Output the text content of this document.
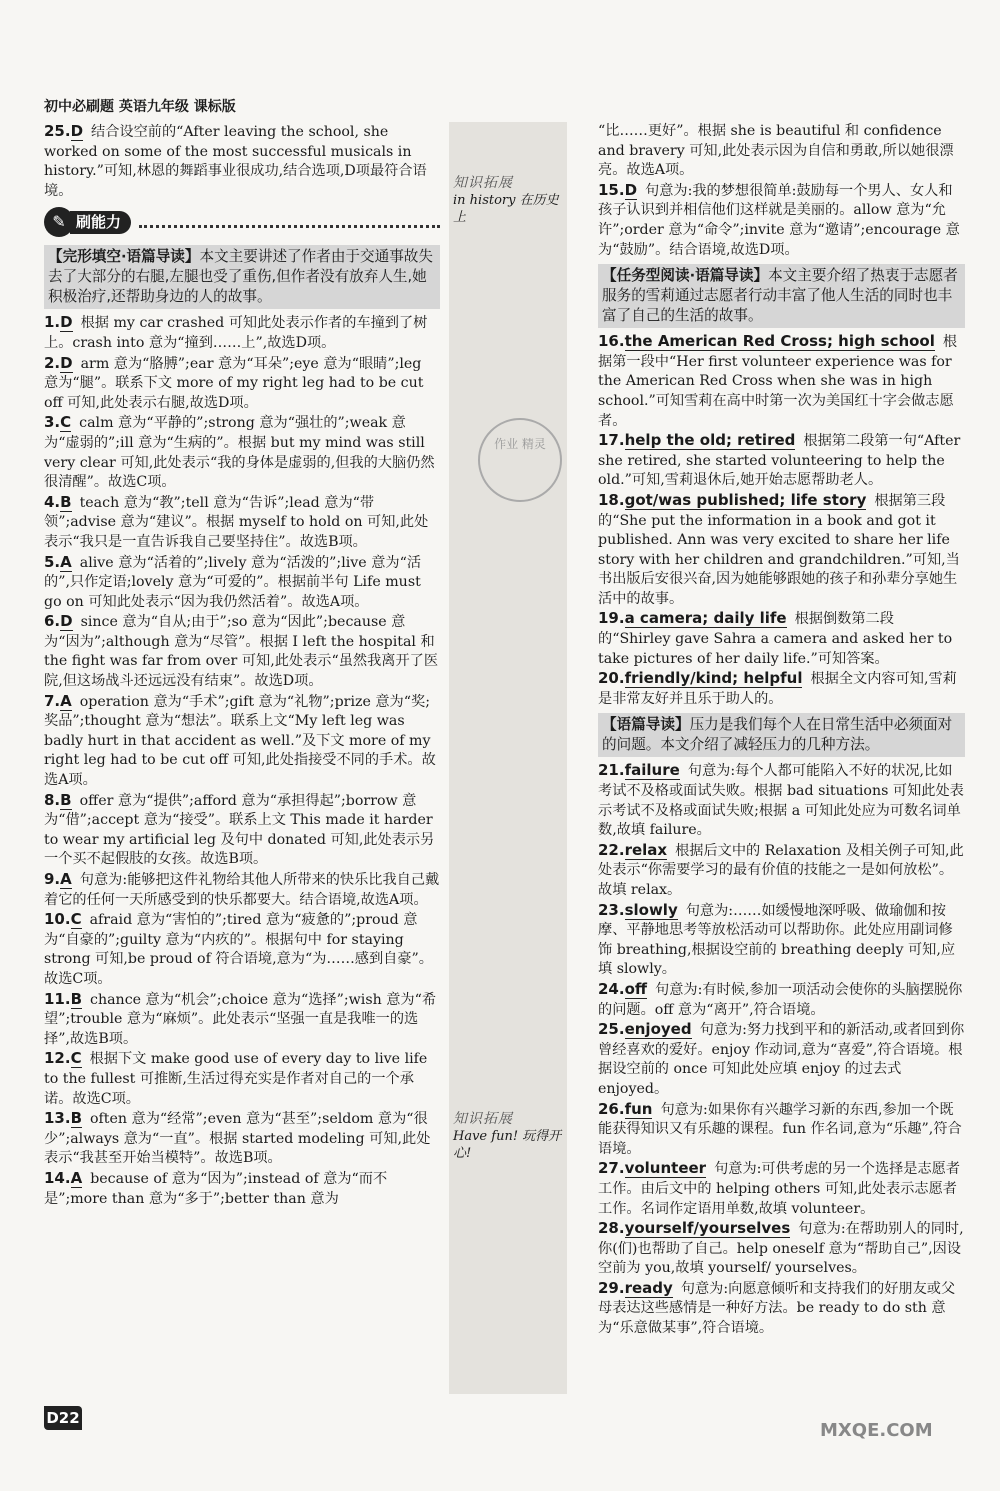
初中必刷题 英语九年级 课标版
知识拓展
in history 在历史上
作业 精灵
知识拓展
Have fun! 玩得开心!
25.D 结合设空前的“After leaving the school, she worked on some of the most successful musicals in history.”可知,林恩的舞蹈事业很成功,结合选项,D项最符合语境。
✎ 刷能力
【完形填空·语篇导读】本文主要讲述了作者由于交通事故失去了大部分的右腿,左腿也受了重伤,但作者没有放弃人生,她积极治疗,还帮助身边的人的故事。
1.D 根据 my car crashed 可知此处表示作者的车撞到了树上。crash into 意为“撞到……上”,故选D项。
2.D arm 意为“胳膊”;ear 意为“耳朵”;eye 意为“眼睛”;leg 意为“腿”。联系下文 more of my right leg had to be cut off 可知,此处表示右腿,故选D项。
3.C calm 意为“平静的”;strong 意为“强壮的”;weak 意为“虚弱的”;ill 意为“生病的”。根据 but my mind was still very clear 可知,此处表示“我的身体是虚弱的,但我的大脑仍然很清醒”。故选C项。
4.B teach 意为“教”;tell 意为“告诉”;lead 意为“带领”;advise 意为“建议”。根据 myself to hold on 可知,此处表示“我只是一直告诉我自己要坚持住”。故选B项。
5.A alive 意为“活着的”;lively 意为“活泼的”;live 意为“活的”,只作定语;lovely 意为“可爱的”。根据前半句 Life must go on 可知此处表示“因为我仍然活着”。故选A项。
6.D since 意为“自从;由于”;so 意为“因此”;because 意为“因为”;although 意为“尽管”。根据 I left the hospital 和 the fight was far from over 可知,此处表示“虽然我离开了医院,但这场战斗还远远没有结束”。故选D项。
7.A operation 意为“手术”;gift 意为“礼物”;prize 意为“奖;奖品”;thought 意为“想法”。联系上文“My left leg was badly hurt in that accident as well.”及下文 more of my right leg had to be cut off 可知,此处指接受不同的手术。故选A项。
8.B offer 意为“提供”;afford 意为“承担得起”;borrow 意为“借”;accept 意为“接受”。联系上文 This made it harder to wear my artificial leg 及句中 donated 可知,此处表示另一个买不起假肢的女孩。故选B项。
9.A 句意为:能够把这件礼物给其他人所带来的快乐比我自己戴着它的任何一天所感受到的快乐都要大。结合语境,故选A项。
10.C afraid 意为“害怕的”;tired 意为“疲惫的”;proud 意为“自豪的”;guilty 意为“内疚的”。根据句中 for staying strong 可知,be proud of 符合语境,意为“为……感到自豪”。故选C项。
11.B chance 意为“机会”;choice 意为“选择”;wish 意为“希望”;trouble 意为“麻烦”。此处表示“坚强一直是我唯一的选择”,故选B项。
12.C 根据下文 make good use of every day to live life to the fullest 可推断,生活过得充实是作者对自己的一个承诺。故选C项。
13.B often 意为“经常”;even 意为“甚至”;seldom 意为“很少”;always 意为“一直”。根据 started modeling 可知,此处表示“我甚至开始当模特”。故选B项。
14.A because of 意为“因为”;instead of 意为“而不是”;more than 意为“多于”;better than 意为
“比……更好”。根据 she is beautiful 和 confidence and bravery 可知,此处表示因为自信和勇敢,所以她很漂亮。故选A项。
15.D 句意为:我的梦想很简单:鼓励每一个男人、女人和孩子认识到并相信他们这样就是美丽的。allow 意为“允许”;order 意为“命令”;invite 意为“邀请”;encourage 意为“鼓励”。结合语境,故选D项。
【任务型阅读·语篇导读】本文主要介绍了热衷于志愿者服务的雪莉通过志愿者行动丰富了他人生活的同时也丰富了自己的生活的故事。
16.the American Red Cross; high school 根据第一段中“Her first volunteer experience was for the American Red Cross when she was in high school.”可知雪莉在高中时第一次为美国红十字会做志愿者。
17.help the old; retired 根据第二段第一句“After she retired, she started volunteering to help the old.”可知,雪莉退休后,她开始志愿帮助老人。
18.got/was published; life story 根据第三段的“She put the information in a book and got it published. Ann was very excited to share her life story with her children and grandchildren.”可知,当书出版后安很兴奋,因为她能够跟她的孩子和孙辈分享她生活中的故事。
19.a camera; daily life 根据倒数第二段的“Shirley gave Sahra a camera and asked her to take pictures of her daily life.”可知答案。
20.friendly/kind; helpful 根据全文内容可知,雪莉是非常友好并且乐于助人的。
【语篇导读】压力是我们每个人在日常生活中必须面对的问题。本文介绍了减轻压力的几种方法。
21.failure 句意为:每个人都可能陷入不好的状况,比如考试不及格或面试失败。根据 bad situations 可知此处表示考试不及格或面试失败;根据 a 可知此处应为可数名词单数,故填 failure。
22.relax 根据后文中的 Relaxation 及相关例子可知,此处表示“你需要学习的最有价值的技能之一是如何放松”。故填 relax。
23.slowly 句意为:……如缓慢地深呼吸、做瑜伽和按摩、平静地思考等放松活动可以帮助你。此处应用副词修饰 breathing,根据设空前的 breathing deeply 可知,应填 slowly。
24.off 句意为:有时候,参加一项活动会使你的头脑摆脱你的问题。off 意为“离开”,符合语境。
25.enjoyed 句意为:努力找到平和的新活动,或者回到你曾经喜欢的爱好。enjoy 作动词,意为“喜爱”,符合语境。根据设空前的 once 可知此处应填 enjoy 的过去式 enjoyed。
26.fun 句意为:如果你有兴趣学习新的东西,参加一个既能获得知识又有乐趣的课程。fun 作名词,意为“乐趣”,符合语境。
27.volunteer 句意为:可供考虑的另一个选择是志愿者工作。由后文中的 helping others 可知,此处表示志愿者工作。名词作定语用单数,故填 volunteer。
28.yourself/yourselves 句意为:在帮助别人的同时,你(们)也帮助了自己。help oneself 意为“帮助自己”,因设空前为 you,故填 yourself/ yourselves。
29.ready 句意为:向愿意倾听和支持我们的好朋友或父母表达这些感情是一种好方法。be ready to do sth 意为“乐意做某事”,符合语境。
D22
MXQE.COM
